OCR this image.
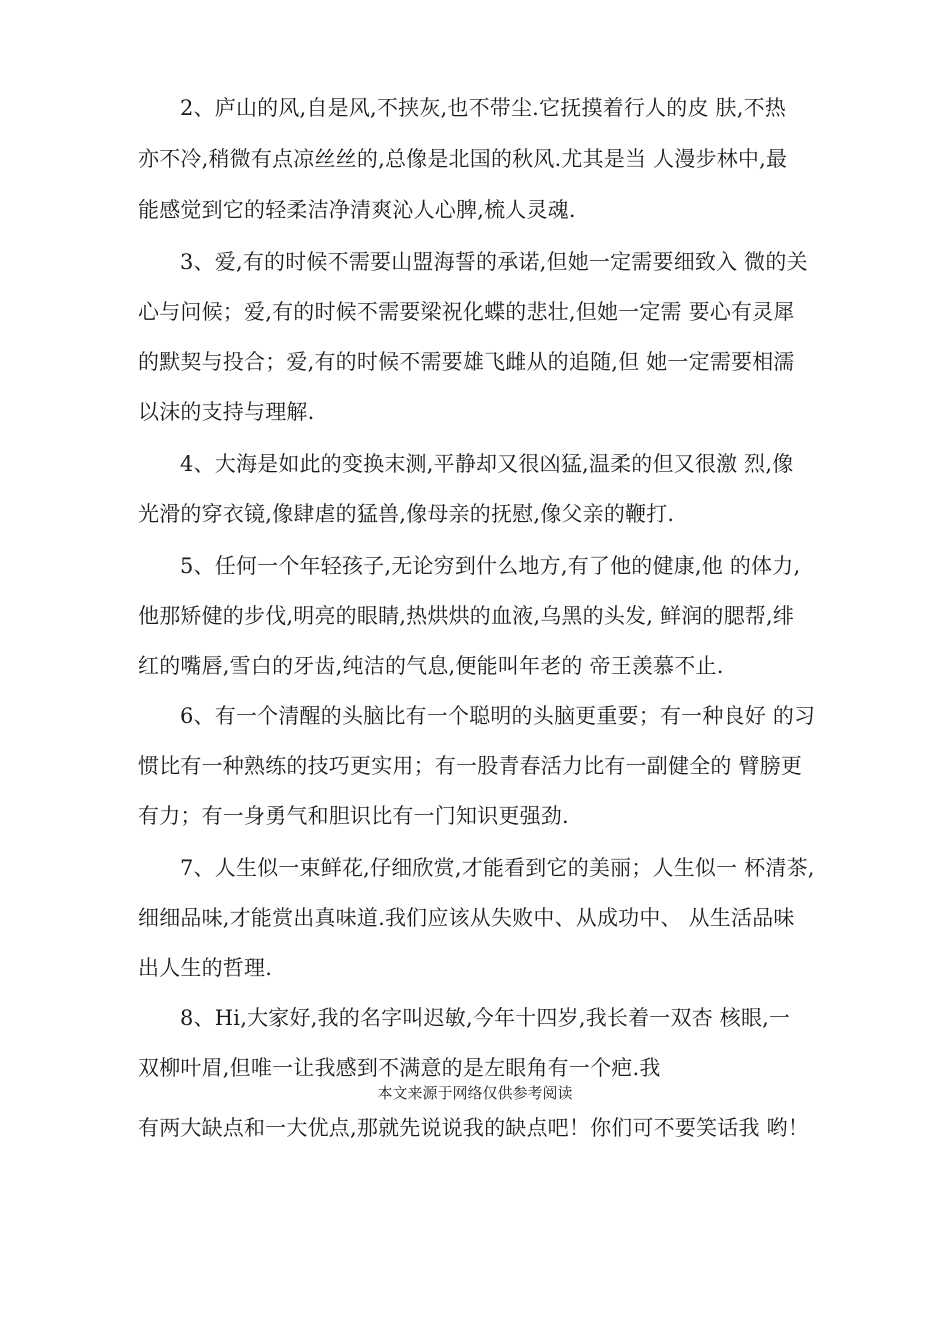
2、庐山的风,自是风,不挟灰,也不带尘.它抚摸着行人的皮 肤,不热
亦不冷,稍微有点凉丝丝的,总像是北国的秋风.尤其是当 人漫步林中,最
能感觉到它的轻柔洁净清爽沁人心脾,梳人灵魂.
3、爱,有的时候不需要山盟海誓的承诺,但她一定需要细致入 微的关
心与问候；爱,有的时候不需要梁祝化蝶的悲壮,但她一定需 要心有灵犀
的默契与投合；爱,有的时候不需要雄飞雌从的追随,但 她一定需要相濡
以沫的支持与理解.
4、大海是如此的变换末测,平静却又很凶猛,温柔的但又很激 烈,像
光滑的穿衣镜,像肆虐的猛兽,像母亲的抚慰,像父亲的鞭打.
5、任何一个年轻孩子,无论穷到什么地方,有了他的健康,他 的体力,
他那矫健的步伐,明亮的眼睛,热烘烘的血液,乌黑的头发, 鲜润的腮帮,绯
红的嘴唇,雪白的牙齿,纯洁的气息,便能叫年老的 帝王羡慕不止.
6、有一个清醒的头脑比有一个聪明的头脑更重要；有一种良好 的习
惯比有一种熟练的技巧更实用；有一股青春活力比有一副健全的 臂膀更
有力；有一身勇气和胆识比有一门知识更强劲.
7、人生似一束鲜花,仔细欣赏,才能看到它的美丽；人生似一 杯清茶,
细细品味,才能赏出真味道.我们应该从失败中、从成功中、 从生活品味
出人生的哲理.
8、Hi,大家好,我的名字叫迟敏,今年十四岁,我长着一双杏 核眼,一
双柳叶眉,但唯一让我感到不满意的是左眼角有一个疤.我
本文来源于网络仅供参考阅读
有两大缺点和一大优点,那就先说说我的缺点吧！你们可不要笑话我 哟！
